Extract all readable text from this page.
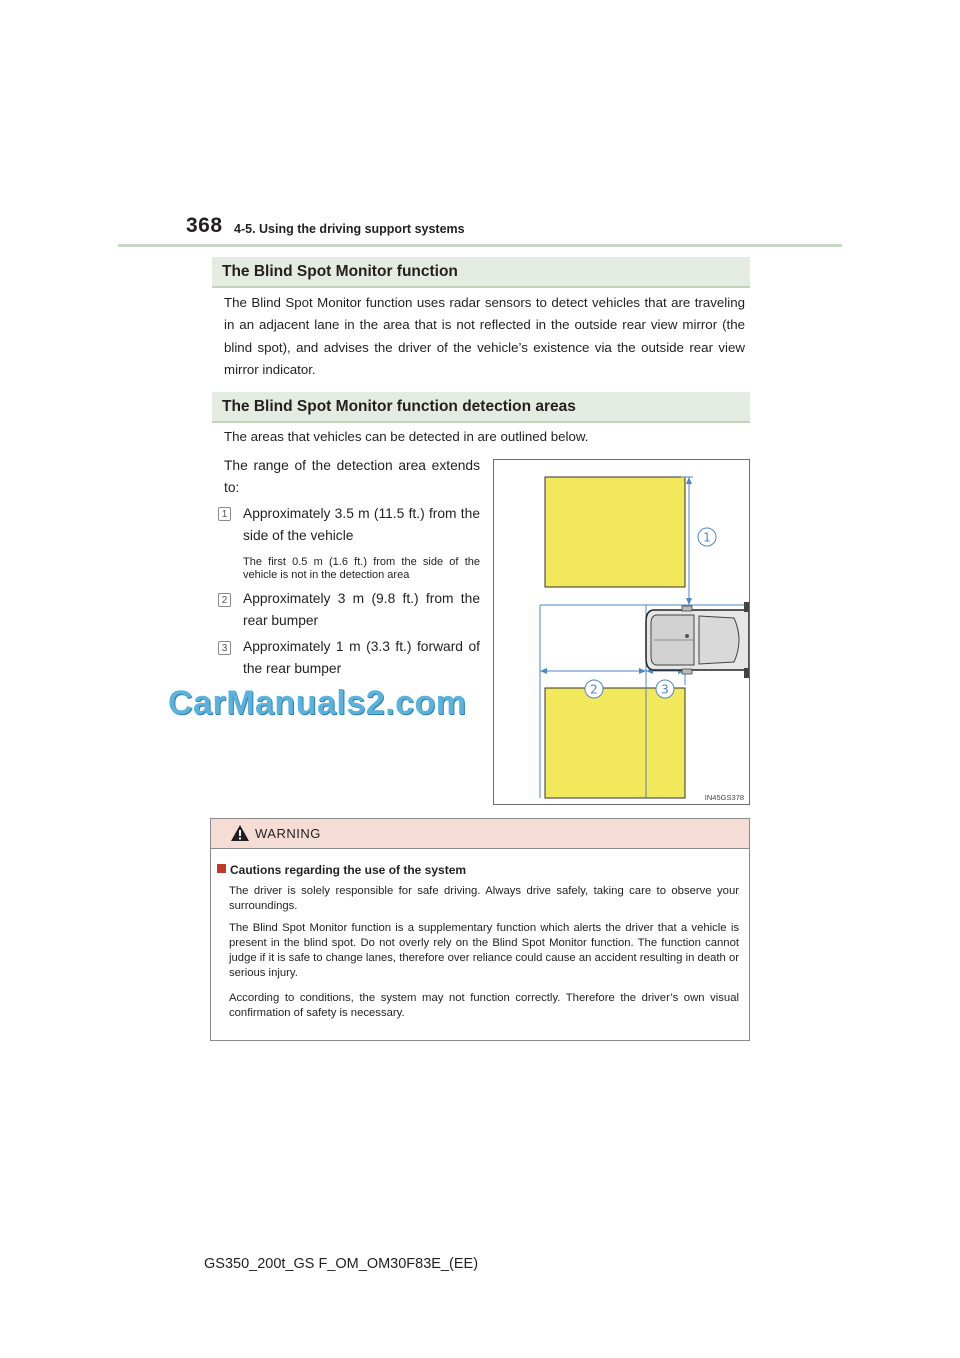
368 4-5. Using the driving support systems
The Blind Spot Monitor function
The Blind Spot Monitor function uses radar sensors to detect vehicles that are traveling in an adjacent lane in the area that is not reflected in the outside rear view mirror (the blind spot), and advises the driver of the vehicle’s existence via the outside rear view mirror indicator.
The Blind Spot Monitor function detection areas
The areas that vehicles can be detected in are outlined below.
The range of the detection area extends to:
1 Approximately 3.5 m (11.5 ft.) from the side of the vehicle
The first 0.5 m (1.6 ft.) from the side of the vehicle is not in the detection area
2 Approximately 3 m (9.8 ft.) from the rear bumper
3 Approximately 1 m (3.3 ft.) forward of the rear bumper
CarManuals2.com
1
2	3
IN45GS378
WARNING
Cautions regarding the use of the system
The driver is solely responsible for safe driving. Always drive safely, taking care to observe your surroundings.
The Blind Spot Monitor function is a supplementary function which alerts the driver that a vehicle is present in the blind spot. Do not overly rely on the Blind Spot Monitor function. The function cannot judge if it is safe to change lanes, therefore over reliance could cause an accident resulting in death or serious injury.
According to conditions, the system may not function correctly. Therefore the driver’s own visual confirmation of safety is necessary.
GS350_200t_GS F_OM_OM30F83E_(EE)
